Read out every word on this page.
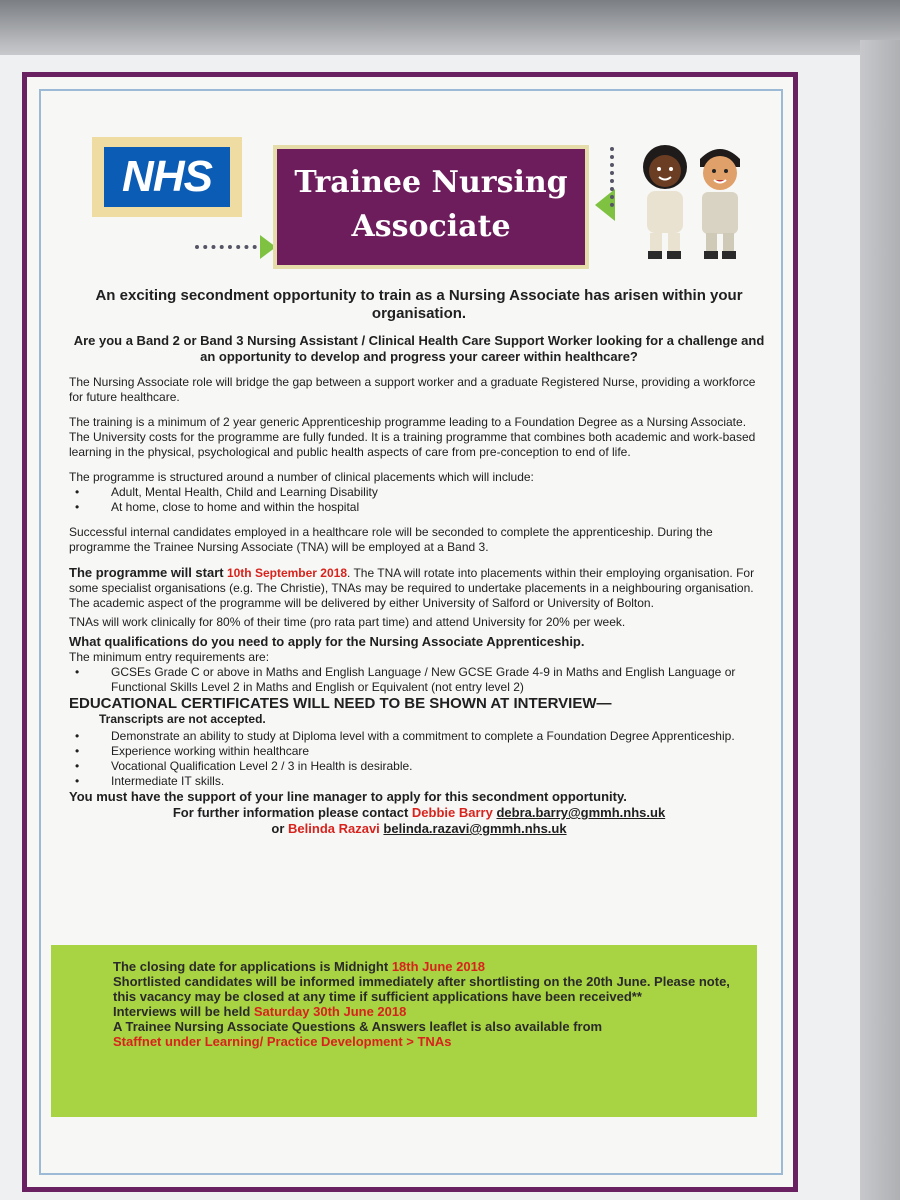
NHS	Trainee Nursing
Associate

An exciting secondment opportunity to train as a Nursing Associate has arisen within your organisation.

Are you a Band 2 or Band 3 Nursing Assistant / Clinical Health Care Support Worker looking for a challenge and an opportunity to develop and progress your career within healthcare?

The Nursing Associate role will bridge the gap between a support worker and a graduate Registered Nurse, providing a workforce for future healthcare.

The training is a minimum of 2 year generic Apprenticeship programme leading to a Foundation Degree as a Nursing Associate. The University costs for the programme are fully funded. It is a training programme that combines both academic and work-based learning in the physical, psychological and public health aspects of care from pre-conception to end of life.

The programme is structured around a number of clinical placements which will include:

• Adult, Mental Health, Child and Learning Disability
• At home, close to home and within the hospital

Successful internal candidates employed in a healthcare role will be seconded to complete the apprenticeship. During the programme the Trainee Nursing Associate (TNA) will be employed at a Band 3.

The programme will start 10th September 2018. The TNA will rotate into placements within their employing organisation. For some specialist organisations (e.g. The Christie), TNAs may be required to undertake placements in a neighbouring organisation. The academic aspect of the programme will be delivered by either University of Salford or University of Bolton.

TNAs will work clinically for 80% of their time (pro rata part time) and attend University for 20% per week.

What qualifications do you need to apply for the Nursing Associate Apprenticeship.

The minimum entry requirements are:

• GCSEs Grade C or above in Maths and English Language / New GCSE Grade 4-9 in Maths and English Language or Functional Skills Level 2 in Maths and English or Equivalent (not entry level 2)

EDUCATIONAL CERTIFICATES WILL NEED TO BE SHOWN AT INTERVIEW—

Transcripts are not accepted.

• Demonstrate an ability to study at Diploma level with a commitment to complete a Foundation Degree Apprenticeship.
• Experience working within healthcare
• Vocational Qualification Level 2 / 3 in Health is desirable.
• Intermediate IT skills.

You must have the support of your line manager to apply for this secondment opportunity.

For further information please contact Debbie Barry debra.barry@gmmh.nhs.uk

or Belinda Razavi belinda.razavi@gmmh.nhs.uk

The closing date for applications is Midnight 18th June 2018
Shortlisted candidates will be informed immediately after shortlisting on the 20th June. Please note, this vacancy may be closed at any time if sufficient applications have been received**
Interviews will be held Saturday 30th June 2018
A Trainee Nursing Associate Questions & Answers leaflet is also available from
Staffnet under Learning/ Practice Development > TNAs
